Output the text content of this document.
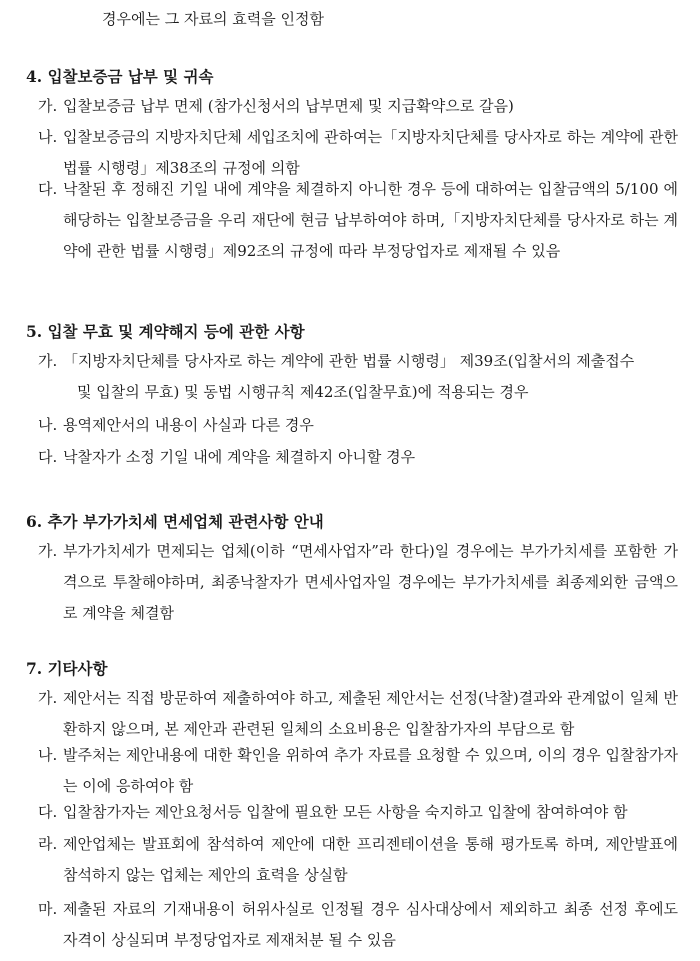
경우에는 그 자료의 효력을 인정함
4. 입찰보증금 납부 및 귀속
가. 입찰보증금 납부 면제 (참가신청서의 납부면제 및 지급확약으로 갈음)
나. 입찰보증금의 지방자치단체 세입조치에 관하여는「지방자치단체를 당사자로 하는 계약에 관한 법률 시행령」제38조의 규정에 의함
다. 낙찰된 후 정해진 기일 내에 계약을 체결하지 아니한 경우 등에 대하여는 입찰금액의 5/100 에 해당하는 입찰보증금을 우리 재단에 현금 납부하여야 하며,「지방자치단체를 당사자로 하는 계약에 관한 법률 시행령」제92조의 규정에 따라 부정당업자로 제재될 수 있음
5. 입찰 무효 및 계약해지 등에 관한 사항
가. 「지방자치단체를 당사자로 하는 계약에 관한 법률 시행령」 제39조(입찰서의 제출접수
및 입찰의 무효) 및 동법 시행규칙 제42조(입찰무효)에 적용되는 경우
나. 용역제안서의 내용이 사실과 다른 경우
다. 낙찰자가 소정 기일 내에 계약을 체결하지 아니할 경우
6. 추가 부가가치세 면세업체 관련사항 안내
가. 부가가치세가 면제되는 업체(이하 “면세사업자”라 한다)일 경우에는 부가가치세를 포함한 가격으로 투찰해야하며, 최종낙찰자가 면세사업자일 경우에는 부가가치세를 최종제외한 금액으로 계약을 체결함
7. 기타사항
가. 제안서는 직접 방문하여 제출하여야 하고, 제출된 제안서는 선정(낙찰)결과와 관계없이 일체 반환하지 않으며, 본 제안과 관련된 일체의 소요비용은 입찰참가자의 부담으로 함
나. 발주처는 제안내용에 대한 확인을 위하여 추가 자료를 요청할 수 있으며, 이의 경우 입찰참가자는 이에 응하여야 함
다. 입찰참가자는 제안요청서등 입찰에 필요한 모든 사항을 숙지하고 입찰에 참여하여야 함
라. 제안업체는 발표회에 참석하여 제안에 대한 프리젠테이션을 통해 평가토록 하며, 제안발표에 참석하지 않는 업체는 제안의 효력을 상실함
마. 제출된 자료의 기재내용이 허위사실로 인정될 경우 심사대상에서 제외하고 최종 선정 후에도 자격이 상실되며 부정당업자로 제재처분 될 수 있음
